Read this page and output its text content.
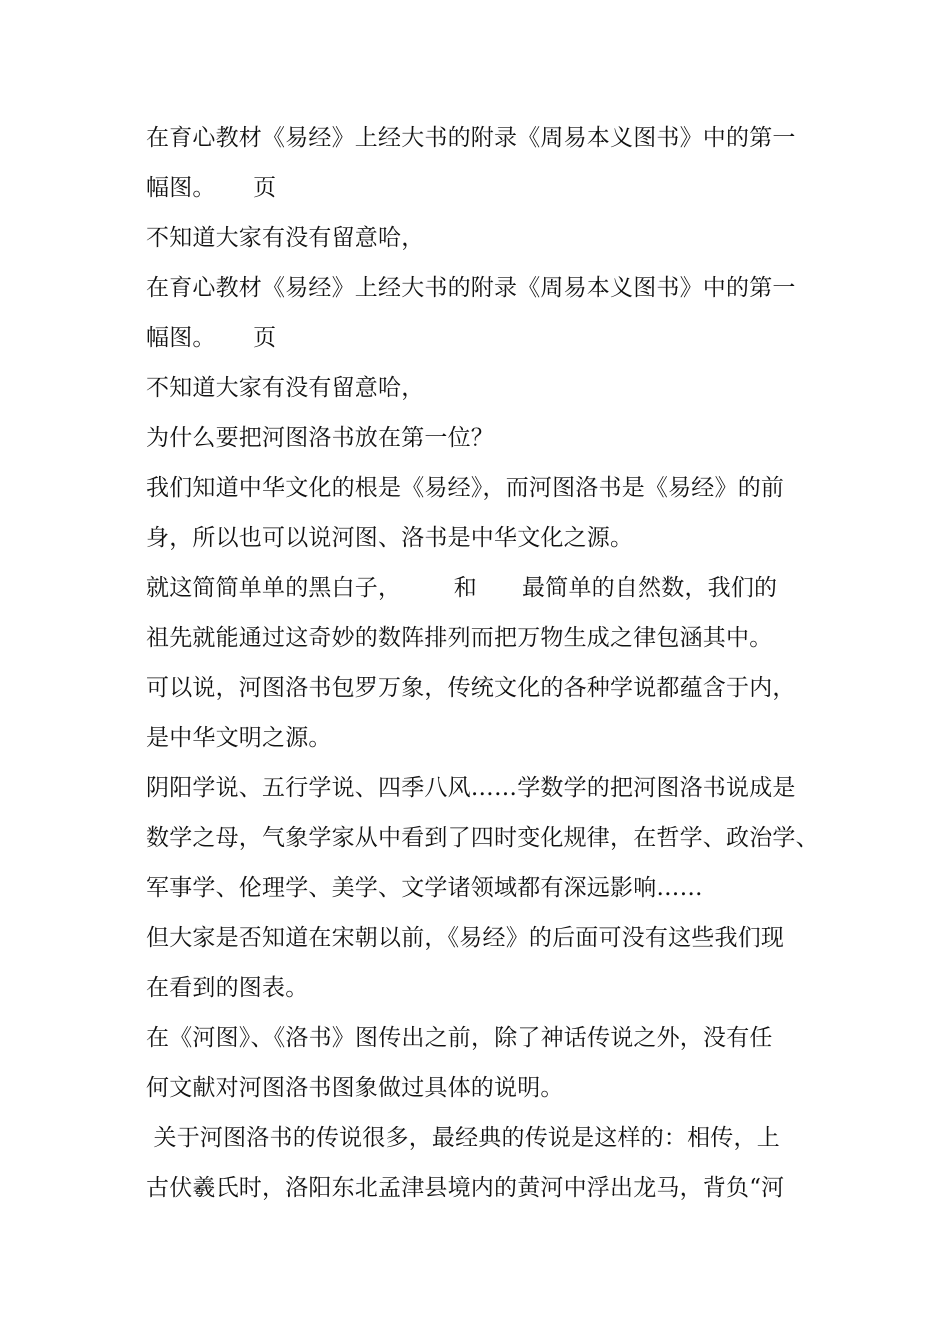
在育心教材《易经》上经大书的附录《周易本义图书》中的第一
幅图。     页
不知道大家有没有留意哈，
在育心教材《易经》上经大书的附录《周易本义图书》中的第一
幅图。     页
不知道大家有没有留意哈，
为什么要把河图洛书放在第一位？
我们知道中华文化的根是《易经》，而河图洛书是《易经》的前
身，所以也可以说河图、洛书是中华文化之源。
就这简简单单的黑白子，       和      最简单的自然数，我们的
祖先就能通过这奇妙的数阵排列而把万物生成之律包涵其中。
可以说，河图洛书包罗万象，传统文化的各种学说都蕴含于内，
是中华文明之源。
阴阳学说、五行学说、四季八风……学数学的把河图洛书说成是
数学之母，气象学家从中看到了四时变化规律，在哲学、政治学、
军事学、伦理学、美学、文学诸领域都有深远影响……
但大家是否知道在宋朝以前，《易经》的后面可没有这些我们现
在看到的图表。
在《河图》、《洛书》图传出之前，除了神话传说之外，没有任
何文献对河图洛书图象做过具体的说明。
关于河图洛书的传说很多，最经典的传说是这样的：相传，上
古伏羲氏时，洛阳东北孟津县境内的黄河中浮出龙马，背负“河
